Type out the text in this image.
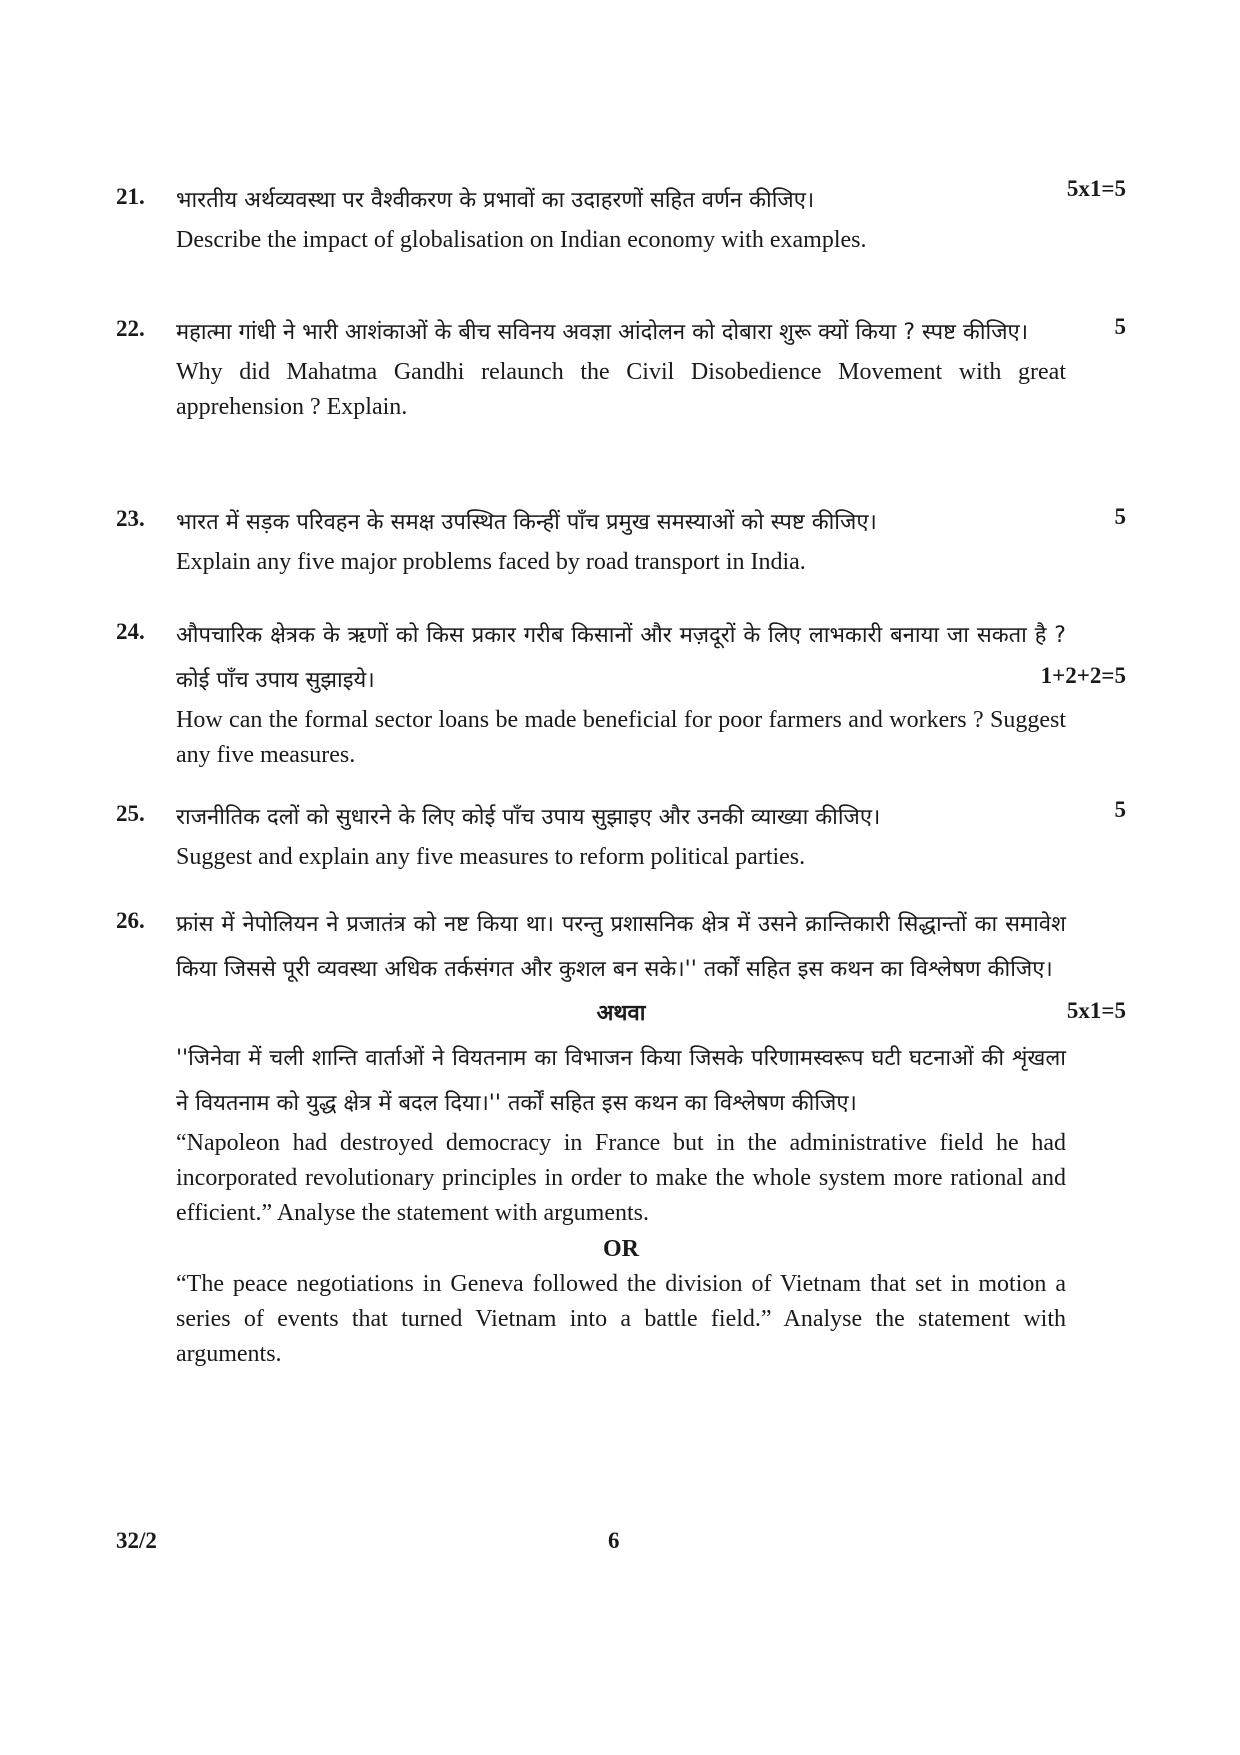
21.	5x1=5

भारतीय अर्थव्यवस्था पर वैश्वीकरण के प्रभावों का उदाहरणों सहित वर्णन कीजिए।

Describe the impact of globalisation on Indian economy with examples.

22.	5

महात्मा गांधी ने भारी आशंकाओं के बीच सविनय अवज्ञा आंदोलन को दोबारा शुरू क्यों किया ? स्पष्ट कीजिए।

Why did Mahatma Gandhi relaunch the Civil Disobedience Movement with great apprehension ? Explain.

23.	5

भारत में सड़क परिवहन के समक्ष उपस्थित किन्हीं पाँच प्रमुख समस्याओं को स्पष्ट कीजिए।

Explain any five major problems faced by road transport in India.

24.
1+2+2=5

औपचारिक क्षेत्रक के ऋणों को किस प्रकार गरीब किसानों और मज़दूरों के लिए लाभकारी बनाया जा सकता है ? कोई पाँच उपाय सुझाइये।

How can the formal sector loans be made beneficial for poor farmers and workers ? Suggest any five measures.

25.	5

राजनीतिक दलों को सुधारने के लिए कोई पाँच उपाय सुझाइए और उनकी व्याख्या कीजिए।

Suggest and explain any five measures to reform political parties.

26.
5x1=5

फ्रांस में नेपोलियन ने प्रजातंत्र को नष्ट किया था। परन्तु प्रशासनिक क्षेत्र में उसने क्रान्तिकारी सिद्धान्तों का समावेश किया जिससे पूरी व्यवस्था अधिक तर्कसंगत और कुशल बन सके।'' तर्कों सहित इस कथन का विश्लेषण कीजिए।

अथवा

''जिनेवा में चली शान्ति वार्ताओं ने वियतनाम का विभाजन किया जिसके परिणामस्वरूप घटी घटनाओं की शृंखला ने वियतनाम को युद्ध क्षेत्र में बदल दिया।'' तर्कों सहित इस कथन का विश्लेषण कीजिए।

“Napoleon had destroyed democracy in France but in the administrative field he had incorporated revolutionary principles in order to make the whole system more rational and efficient.” Analyse the statement with arguments.

OR

“The peace negotiations in Geneva followed the division of Vietnam that set in motion a series of events that turned Vietnam into a battle field.” Analyse the statement with arguments.

32/2	6
